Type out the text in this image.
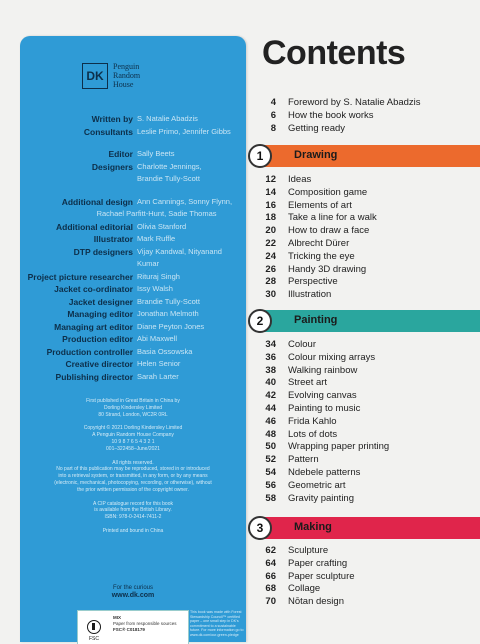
DK
Penguin
Random
House
Written by S. Natalie Abadzis
Consultants Leslie Primo, Jennifer Gibbs
Editor Sally Beets
Designers Charlotte Jennings,
Brandie Tully-Scott
Additional design Ann Cannings, Sonny Flynn,
Rachael Parfitt-Hunt, Sadie Thomas
Additional editorial Olivia Stanford
Illustrator Mark Ruffle
DTP designers Vijay Kandwal, Nityanand Kumar
Project picture researcher Rituraj Singh
Jacket co-ordinator Issy Walsh
Jacket designer Brandie Tully-Scott
Managing editor Jonathan Melmoth
Managing art editor Diane Peyton Jones
Production editor Abi Maxwell
Production controller Basia Ossowska
Creative director Helen Senior
Publishing director Sarah Larter
First published in Great Britain in China by
Dorling Kindersley Limited
80 Strand, London, WC2R 0RL
Copyright © 2021 Dorling Kindersley Limited
A Penguin Random House Company
10 9 8 7 6 5 4 3 2 1
001–322458–June/2021
All rights reserved.
No part of this publication may be reproduced, stored in or introduced
into a retrieval system, or transmitted, in any form, or by any means
(electronic, mechanical, photocopying, recording, or otherwise), without
the prior written permission of the copyright owner.
A CIP catalogue record for this book
is available from the British Library.
ISBN: 978-0-2414-7411-2
Printed and bound in China
For the curious
www.dk.com
FSC
MIX
Paper from responsible sources
FSC® C018179
This book was made with Forest Stewardship Council™ certified paper – one small step in DK's commitment to a sustainable future. For more information go to www.dk.com/our-green-pledge
Contents
4 Foreword by S. Natalie Abadzis
6 How the book works
8 Getting ready
1	Drawing
12 Ideas
14 Composition game
16 Elements of art
18 Take a line for a walk
20 How to draw a face
22 Albrecht Dürer
24 Tricking the eye
26 Handy 3D drawing
28 Perspective
30 Illustration
2	Painting
34 Colour
36 Colour mixing arrays
38 Walking rainbow
40 Street art
42 Evolving canvas
44 Painting to music
46 Frida Kahlo
48 Lots of dots
50 Wrapping paper printing
52 Pattern
54 Ndebele patterns
56 Geometric art
58 Gravity painting
3	Making
62 Sculpture
64 Paper crafting
66 Paper sculpture
68 Collage
70 Nōtan design
